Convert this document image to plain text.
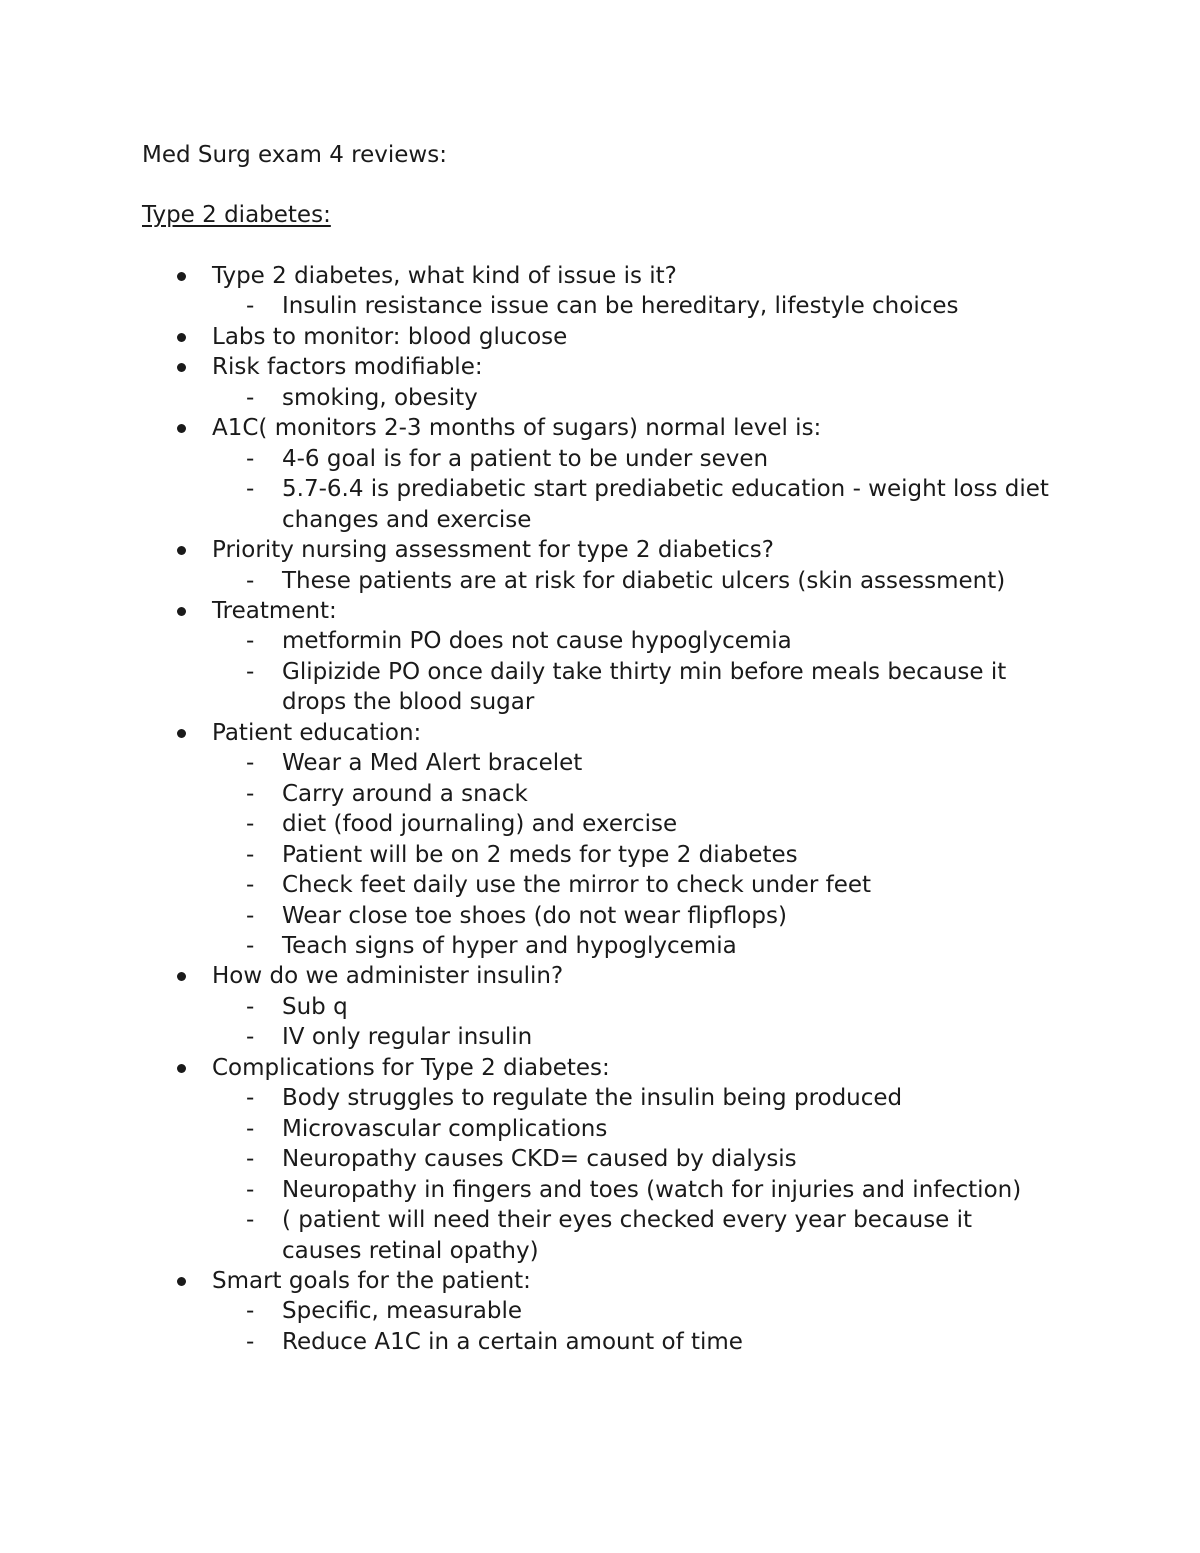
Med Surg exam 4 reviews:
Type 2 diabetes:
Type 2 diabetes, what kind of issue is it?
- Insulin resistance issue can be hereditary, lifestyle choices
Labs to monitor: blood glucose
Risk factors modifiable:
- smoking, obesity
A1C( monitors 2-3 months of sugars) normal level is:
- 4-6 goal is for a patient to be under seven
- 5.7-6.4 is prediabetic start prediabetic education - weight loss diet changes and exercise
Priority nursing assessment for type 2 diabetics?
- These patients are at risk for diabetic ulcers (skin assessment)
Treatment:
- metformin PO does not cause hypoglycemia
- Glipizide PO once daily take thirty min before meals because it drops the blood sugar
Patient education:
- Wear a Med Alert bracelet
- Carry around a snack
- diet (food journaling) and exercise
- Patient will be on 2 meds for type 2 diabetes
- Check feet daily use the mirror to check under feet
- Wear close toe shoes (do not wear flipflops)
- Teach signs of hyper and hypoglycemia
How do we administer insulin?
- Sub q
- IV only regular insulin
Complications for Type 2 diabetes:
- Body struggles to regulate the insulin being produced
- Microvascular complications
- Neuropathy causes CKD= caused by dialysis
- Neuropathy in fingers and toes (watch for injuries and infection)
- ( patient will need their eyes checked every year because it causes retinal opathy)
Smart goals for the patient:
- Specific, measurable
- Reduce A1C in a certain amount of time
